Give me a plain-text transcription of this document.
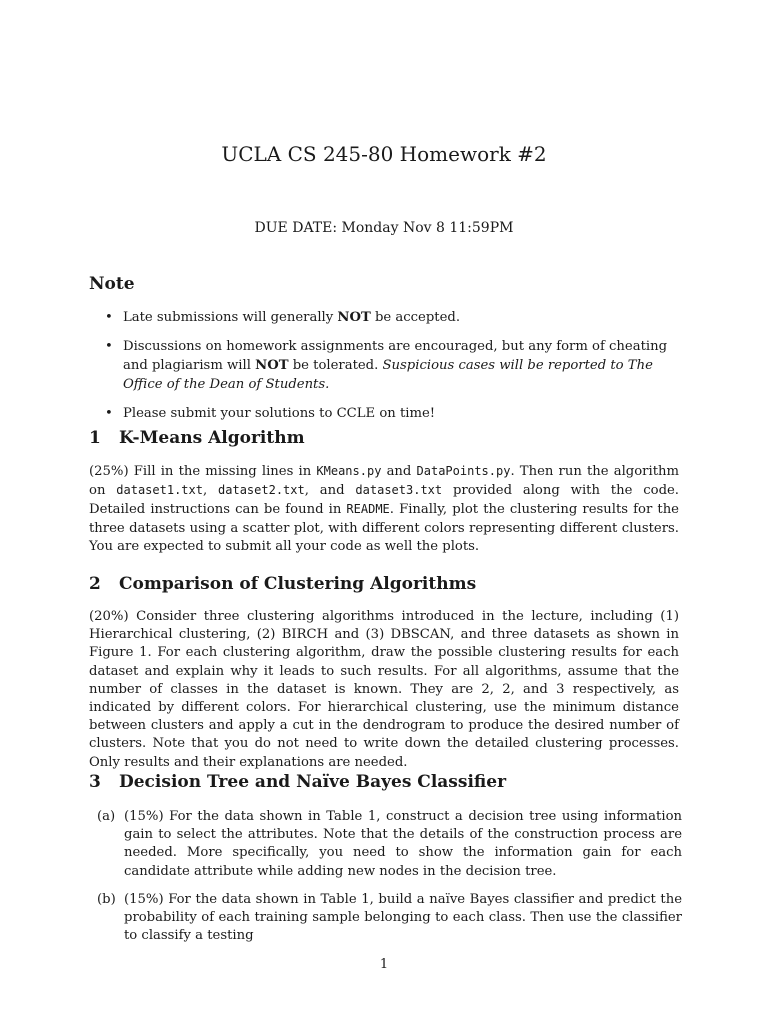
UCLA CS 245-80 Homework #2
DUE DATE: Monday Nov 8 11:59PM
Note
• Late submissions will generally NOT be accepted.
• Discussions on homework assignments are encouraged, but any form of cheating and plagiarism will NOT be tolerated. Suspicious cases will be reported to The Office of the Dean of Students.
• Please submit your solutions to CCLE on time!
1 K-Means Algorithm
(25%) Fill in the missing lines in KMeans.py and DataPoints.py. Then run the algorithm on dataset1.txt, dataset2.txt, and dataset3.txt provided along with the code. Detailed instructions can be found in README. Finally, plot the clustering results for the three datasets using a scatter plot, with different colors representing different clusters. You are expected to submit all your code as well the plots.
2 Comparison of Clustering Algorithms
(20%) Consider three clustering algorithms introduced in the lecture, including (1) Hierarchical clustering, (2) BIRCH and (3) DBSCAN, and three datasets as shown in Figure 1. For each clustering algorithm, draw the possible clustering results for each dataset and explain why it leads to such results. For all algorithms, assume that the number of classes in the dataset is known. They are 2, 2, and 3 respectively, as indicated by different colors. For hierarchical clustering, use the minimum distance between clusters and apply a cut in the dendrogram to produce the desired number of clusters. Note that you do not need to write down the detailed clustering processes. Only results and their explanations are needed.
3 Decision Tree and Naïve Bayes Classifier
(a) (15%) For the data shown in Table 1, construct a decision tree using information gain to select the attributes. Note that the details of the construction process are needed. More specifically, you need to show the information gain for each candidate attribute while adding new nodes in the decision tree.
(b) (15%) For the data shown in Table 1, build a naïve Bayes classifier and predict the probability of each training sample belonging to each class. Then use the classifier to classify a testing
1
